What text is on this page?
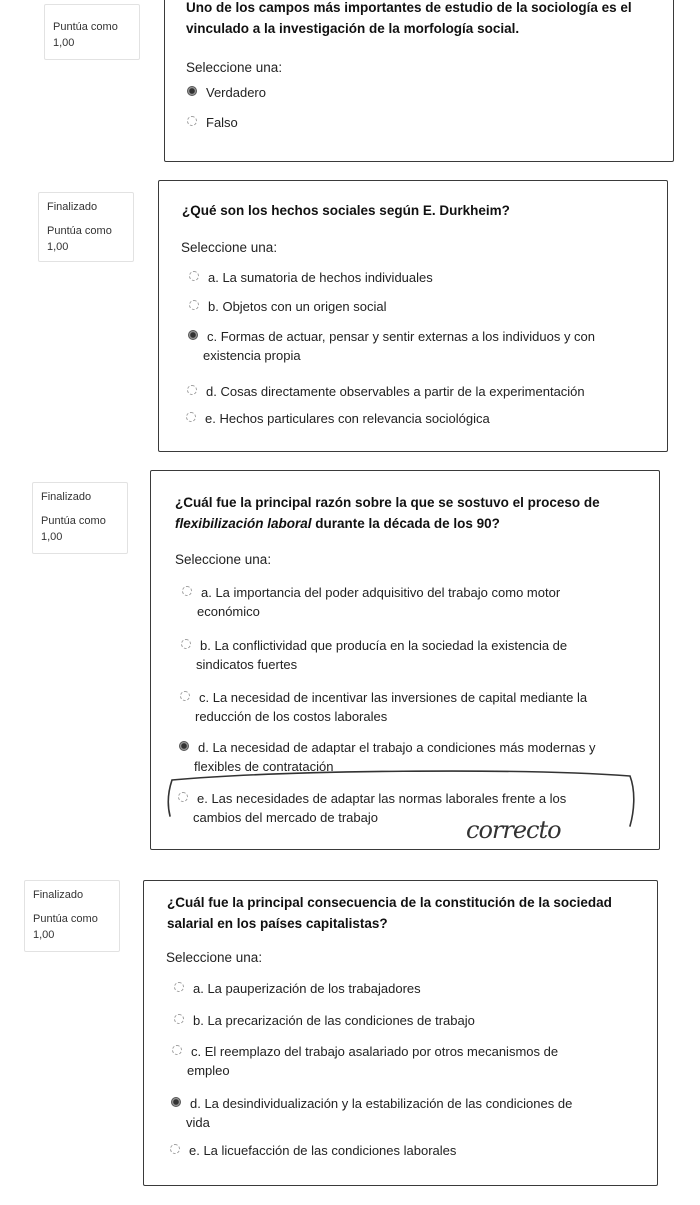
Puntúa como
1,00
Uno de los campos más importantes de estudio de la sociología es el
vinculado a la investigación de la morfología social.
Seleccione una:
Verdadero
Falso
Finalizado
Puntúa como
1,00
¿Qué son los hechos sociales según E. Durkheim?
Seleccione una:
a. La sumatoria de hechos individuales
b. Objetos con un origen social
c. Formas de actuar, pensar y sentir externas a los individuos y con
existencia propia
d. Cosas directamente observables a partir de la experimentación
e. Hechos particulares con relevancia sociológica
Finalizado
Puntúa como
1,00
¿Cuál fue la principal razón sobre la que se sostuvo el proceso de
flexibilización laboral durante la década de los 90?
Seleccione una:
a. La importancia del poder adquisitivo del trabajo como motor
económico
b. La conflictividad que producía en la sociedad la existencia de
sindicatos fuertes
c. La necesidad de incentivar las inversiones de capital mediante la
reducción de los costos laborales
d. La necesidad de adaptar el trabajo a condiciones más modernas y
flexibles de contratación
e. Las necesidades de adaptar las normas laborales frente a los
cambios del mercado de trabajo	correcto
Finalizado
Puntúa como
1,00
¿Cuál fue la principal consecuencia de la constitución de la sociedad
salarial en los países capitalistas?
Seleccione una:
a. La pauperización de los trabajadores
b. La precarización de las condiciones de trabajo
c. El reemplazo del trabajo asalariado por otros mecanismos de
empleo
d. La desindividualización y la estabilización de las condiciones de
vida
e. La licuefacción de las condiciones laborales
